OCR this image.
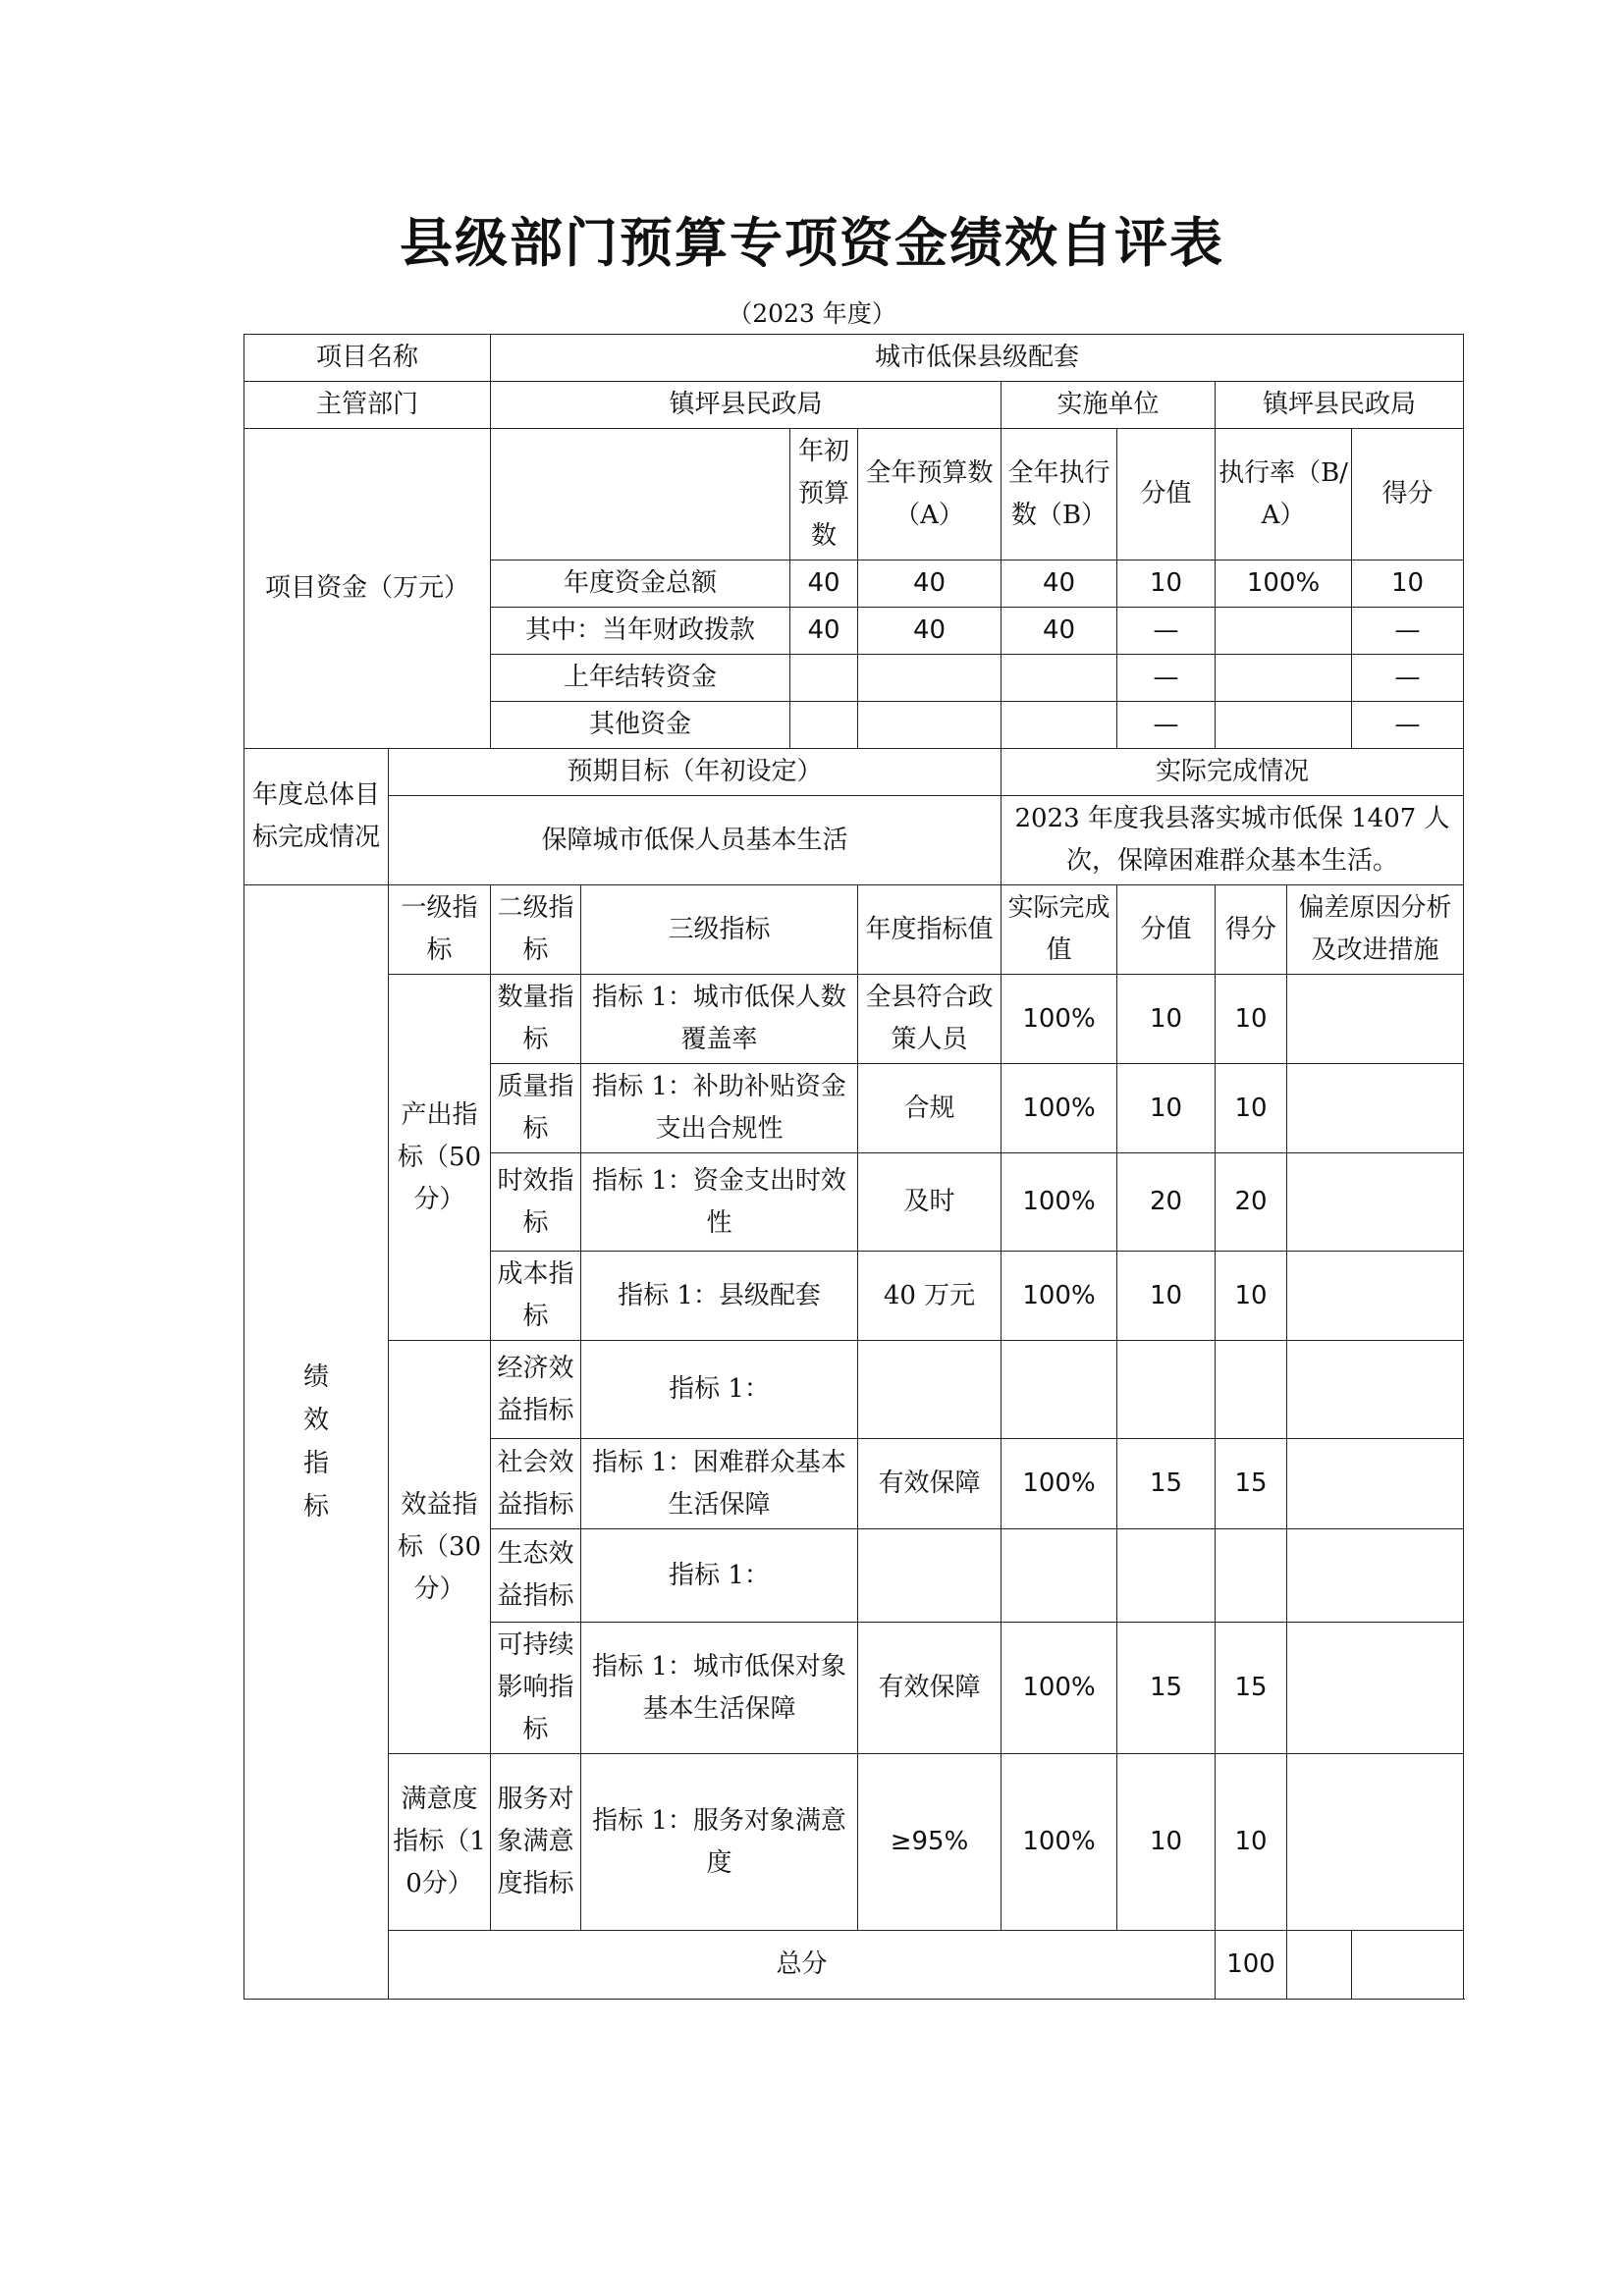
县级部门预算专项资金绩效自评表
（2023 年度）
项目名称		城市低保县级配套								
主管部门		镇坪县民政局				实施单位		镇坪县民政局		
项目资金（万元）				年初预算数	全年预算数（A）	全年执行数（B）	分值	执行率（B/A）		得分
		年度资金总额		40	40	40	10	100%		10
		其中：当年财政拨款		40	40	40	—			—
		上年结转资金					—			—
		其他资金					—			—
年度总体目标完成情况	预期目标（年初设定）					实际完成情况				
	保障城市低保人员基本生活					2023 年度我县落实城市低保 1407 人次，保障困难群众基本生活。				

绩效指标	一级指标	二级指标	三级指标		年度指标值	实际完成值	分值	得分	偏差原因分析及改进措施	
	产出指标（50分）	数量指标	指标 1：城市低保人数覆盖率		全县符合政策人员	100%	10	10		
		质量指标	指标 1：补助补贴资金支出合规性		合规	100%	10	10		
		时效指标	指标 1：资金支出时效性		及时	100%	20	20		
		成本指标	指标 1：县级配套		40 万元	100%	10	10		
	效益指标（30分）	经济效益指标	指标 1：							
		社会效益指标	指标 1：困难群众基本生活保障		有效保障	100%	15	15		
		生态效益指标	指标 1：							
		可持续影响指标	指标 1：城市低保对象基本生活保障		有效保障	100%	15	15		
	满意度指标（10分）	服务对象满意度指标	指标 1：服务对象满意度		≥95%	100%	10	10		
	总分							100		
